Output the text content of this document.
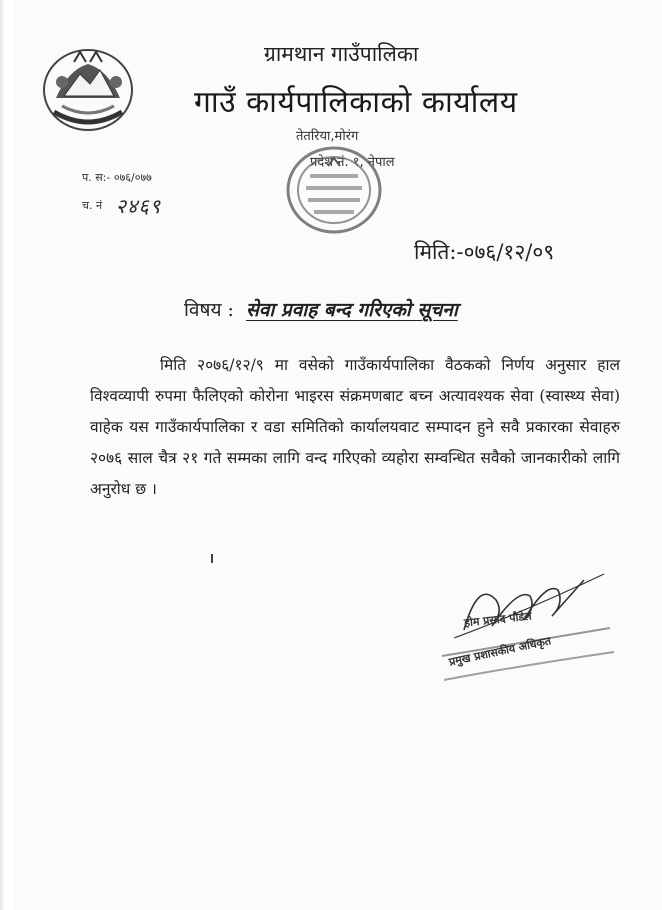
ग्रामथान गाउँपालिका
गाउँ कार्यपालिकाको कार्यालय
तेतरिया,मोरंग
प्रदेश नं. १, नेपाल
प. स:- ०७६/०७७
च. नं २४६९
मिति:-०७६/१२/०९
विषय : सेवा प्रवाह बन्द गरिएको सूचना

मिति २०७६/१२/९ मा वसेको गाउँकार्यपालिका वैठकको निर्णय अनुसार हाल विश्वव्यापी रुपमा फैलिएको कोरोना भाइरस संक्रमणबाट बच्न अत्यावश्यक सेवा (स्वास्थ्य सेवा) वाहेक यस गाउँकार्यपालिका र वडा समितिको कार्यालयवाट सम्पादन हुने सवै प्रकारका सेवाहरु २०७६ साल चैत्र २१ गते सम्मका लागि वन्द गरिएको व्यहोरा सम्वन्धित सवैको जानकारीको लागि अनुरोध छ ।

होम प्रसाद पौडेल
प्रमुख प्रशासकीय अधिकृत
